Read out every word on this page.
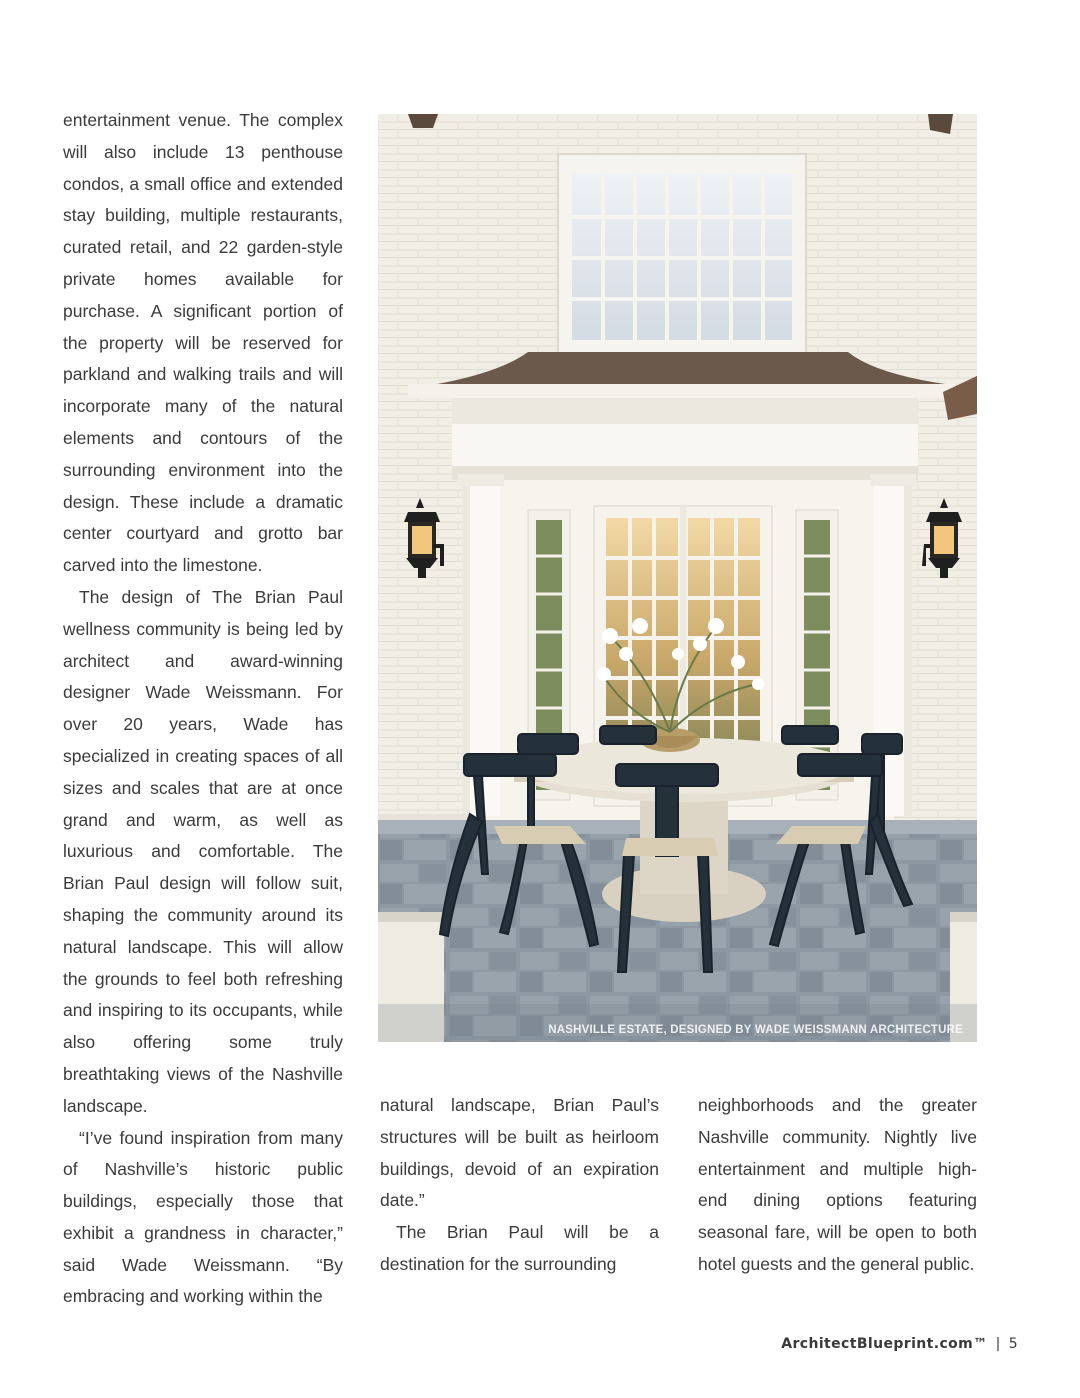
entertainment venue. The complex will also include 13 penthouse condos, a small office and extended stay building, multiple restaurants, curated retail, and 22 garden-style private homes available for purchase. A significant portion of the property will be reserved for parkland and walking trails and will incorporate many of the natural elements and contours of the surrounding environment into the design. These include a dramatic center courtyard and grotto bar carved into the limestone.

The design of The Brian Paul wellness community is being led by architect and award-winning designer Wade Weissmann. For over 20 years, Wade has specialized in creating spaces of all sizes and scales that are at once grand and warm, as well as luxurious and comfortable. The Brian Paul design will follow suit, shaping the community around its natural landscape. This will allow the grounds to feel both refreshing and inspiring to its occupants, while also offering some truly breathtaking views of the Nashville landscape.

“I’ve found inspiration from many of Nashville’s historic public buildings, especially those that exhibit a grandness in character,” said Wade Weissmann. “By embracing and working within the

NASHVILLE ESTATE, DESIGNED BY WADE WEISSMANN ARCHITECTURE

natural landscape, Brian Paul’s structures will be built as heirloom buildings, devoid of an expiration date.”

The Brian Paul will be a destination for the surrounding

neighborhoods and the greater Nashville community. Nightly live entertainment and multiple high-end dining options featuring seasonal fare, will be open to both hotel guests and the general public.

ArchitectBlueprint.com™ | 5
